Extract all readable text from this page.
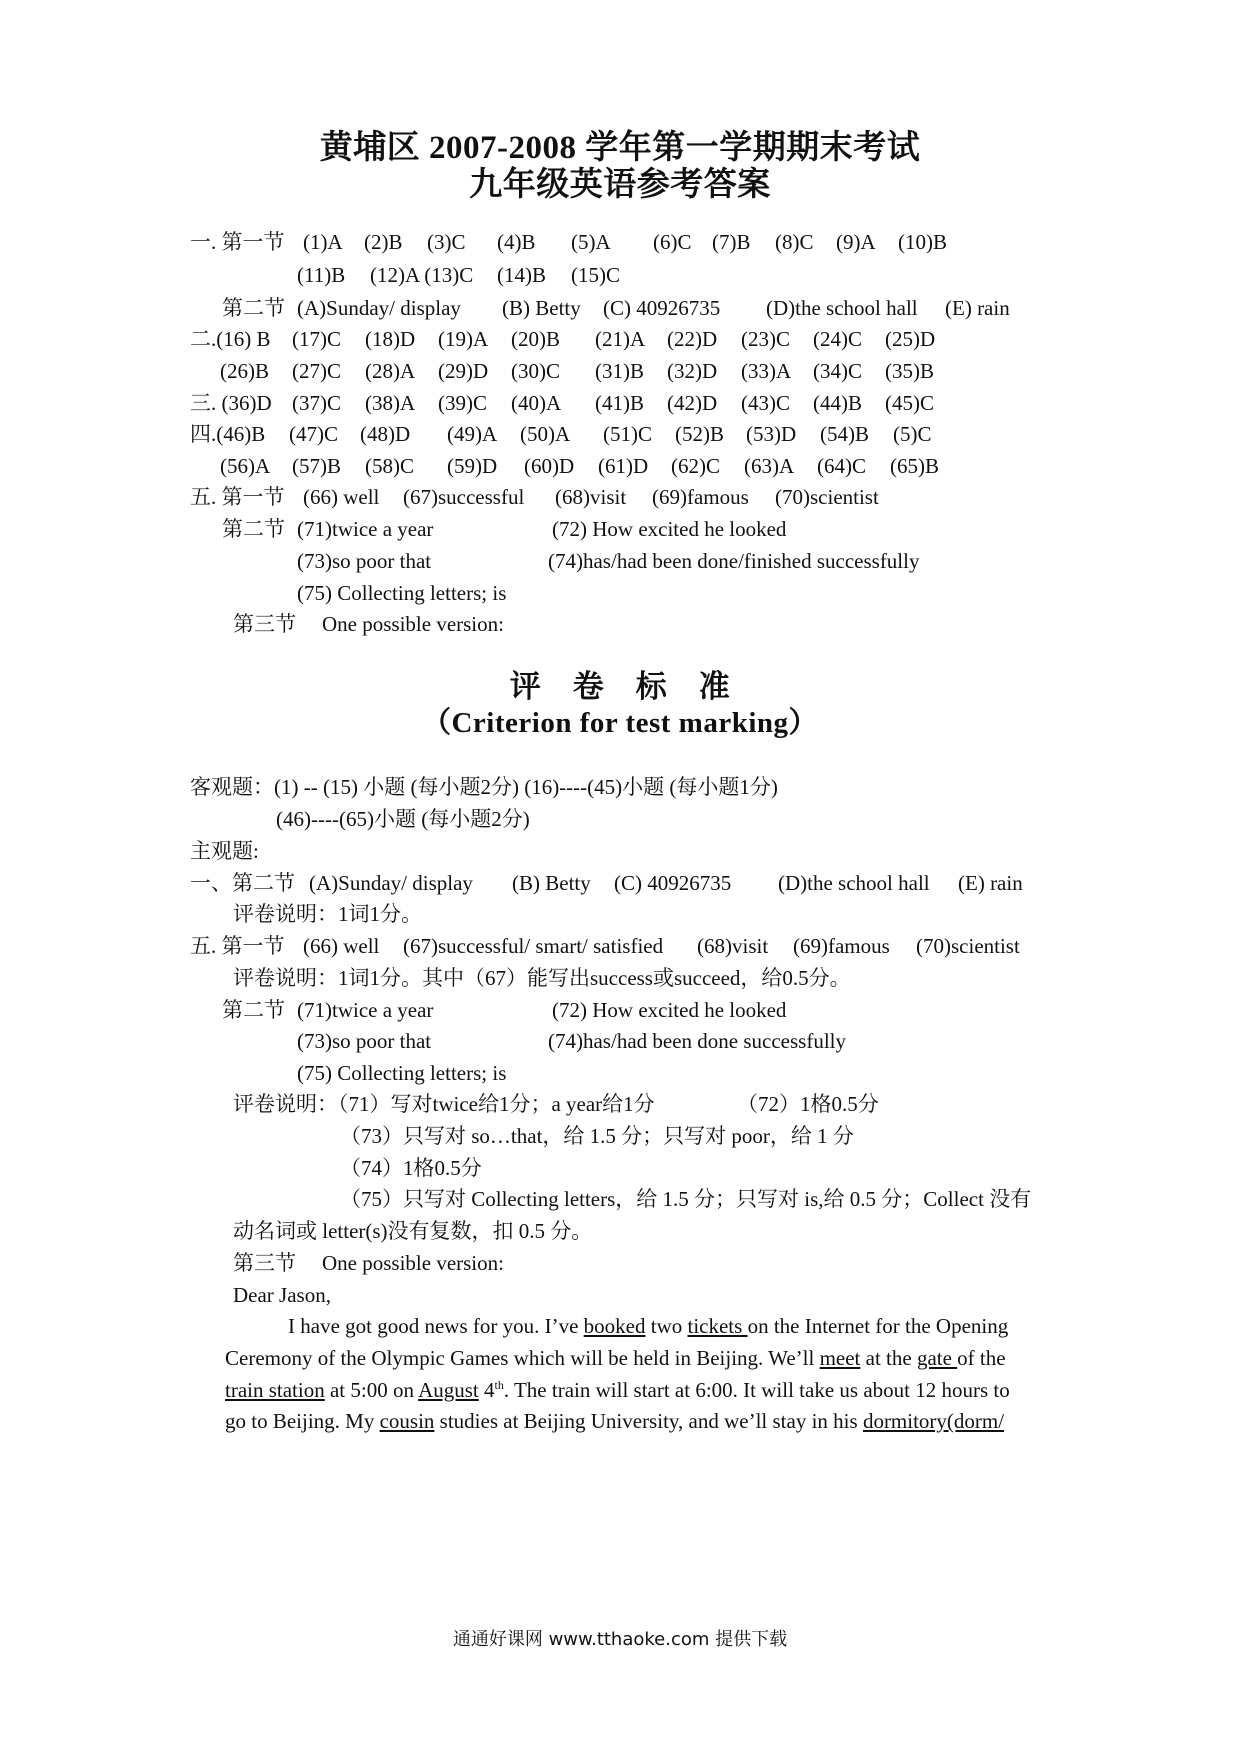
黄埔区 2007-2008 学年第一学期期末考试
九年级英语参考答案
一. 第一节 (1)A (2)B (3)C (4)B (5)A (6)C (7)B (8)C (9)A (10)B
(11)B (12)A (13)C (14)B (15)C
第二节 (A)Sunday/ display (B) Betty (C) 40926735 (D)the school hall (E) rain
二.(16) B (17)C (18)D (19)A (20)B (21)A (22)D (23)C (24)C (25)D
(26)B (27)C (28)A (29)D (30)C (31)B (32)D (33)A (34)C (35)B
三. (36)D (37)C (38)A (39)C (40)A (41)B (42)D (43)C (44)B (45)C
四.(46)B (47)C (48)D (49)A (50)A (51)C (52)B (53)D (54)B (5)C
(56)A (57)B (58)C (59)D (60)D (61)D (62)C (63)A (64)C (65)B
五. 第一节 (66) well (67)successful (68)visit (69)famous (70)scientist
第二节 (71)twice a year	(72) How excited he looked
(73)so poor that	(74)has/had been done/finished successfully
(75) Collecting letters; is
第三节 One possible version:
评　卷　标　准
（Criterion for test marking）
客观题：(1) -- (15) 小题 (每小题2分) (16)----(45)小题 (每小题1分)
(46)----(65)小题 (每小题2分)
主观题:
一、第二节 (A)Sunday/ display (B) Betty (C) 40926735 (D)the school hall (E) rain
评卷说明：1词1分。
五. 第一节 (66) well (67)successful/ smart/ satisfied (68)visit (69)famous (70)scientist
评卷说明：1词1分。其中（67）能写出success或succeed，给0.5分。
第二节 (71)twice a year	(72) How excited he looked
(73)so poor that	(74)has/had been done successfully
(75) Collecting letters; is
评卷说明：（71）写对twice给1分；a year给1分	（72）1格0.5分
（73）只写对 so…that，给 1.5 分；只写对 poor，给 1 分
（74）1格0.5分
（75）只写对 Collecting letters，给 1.5 分；只写对 is,给 0.5 分；Collect 没有
动名词或 letter(s)没有复数，扣 0.5 分。
第三节 One possible version:
Dear Jason,
I have got good news for you. I’ve booked two tickets on the Internet for the Opening
Ceremony of the Olympic Games which will be held in Beijing. We’ll meet at the gate of the
train station at 5:00 on August 4th. The train will start at 6:00. It will take us about 12 hours to
go to Beijing. My cousin studies at Beijing University, and we’ll stay in his dormitory(dorm/
通通好课网 www.tthaoke.com 提供下载
